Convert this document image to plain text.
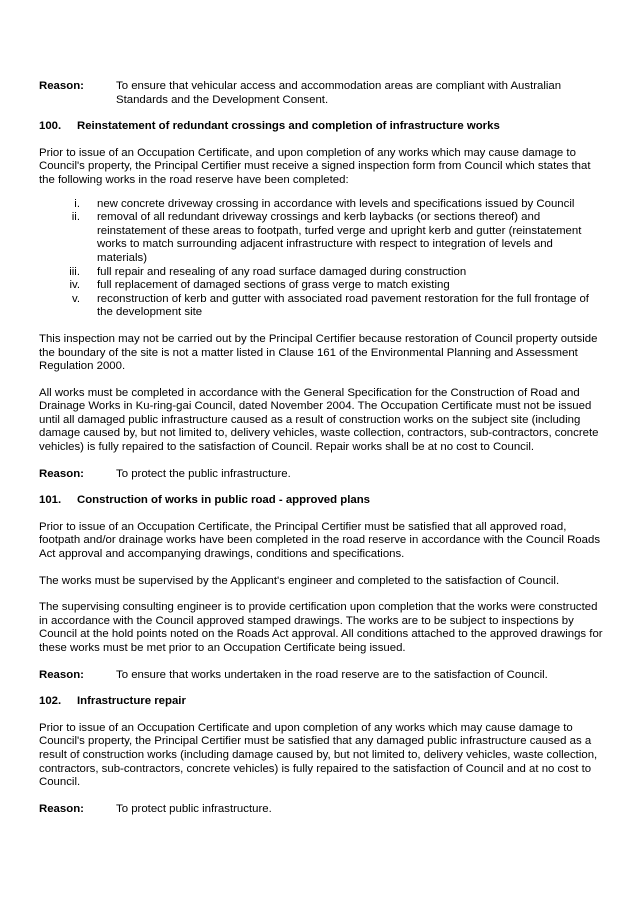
Reason:	To ensure that vehicular access and accommodation areas are compliant with Australian Standards and the Development Consent.
100.	Reinstatement of redundant crossings and completion of infrastructure works

Prior to issue of an Occupation Certificate, and upon completion of any works which may cause damage to Council's property, the Principal Certifier must receive a signed inspection form from Council which states that the following works in the road reserve have been completed:

i.	new concrete driveway crossing in accordance with levels and specifications issued by Council
ii.	removal of all redundant driveway crossings and kerb laybacks (or sections thereof) and reinstatement of these areas to footpath, turfed verge and upright kerb and gutter (reinstatement works to match surrounding adjacent infrastructure with respect to integration of levels and materials)
iii.	full repair and resealing of any road surface damaged during construction
iv.	full replacement of damaged sections of grass verge to match existing
v.	reconstruction of kerb and gutter with associated road pavement restoration for the full frontage of the development site

This inspection may not be carried out by the Principal Certifier because restoration of Council property outside the boundary of the site is not a matter listed in Clause 161 of the Environmental Planning and Assessment Regulation 2000.

All works must be completed in accordance with the General Specification for the Construction of Road and Drainage Works in Ku-ring-gai Council, dated November 2004. The Occupation Certificate must not be issued until all damaged public infrastructure caused as a result of construction works on the subject site (including damage caused by, but not limited to, delivery vehicles, waste collection, contractors, sub-contractors, concrete vehicles) is fully repaired to the satisfaction of Council. Repair works shall be at no cost to Council.

Reason:	To protect the public infrastructure.
101.	Construction of works in public road - approved plans

Prior to issue of an Occupation Certificate, the Principal Certifier must be satisfied that all approved road, footpath and/or drainage works have been completed in the road reserve in accordance with the Council Roads Act approval and accompanying drawings, conditions and specifications.

The works must be supervised by the Applicant's engineer and completed to the satisfaction of Council.

The supervising consulting engineer is to provide certification upon completion that the works were constructed in accordance with the Council approved stamped drawings. The works are to be subject to inspections by Council at the hold points noted on the Roads Act approval. All conditions attached to the approved drawings for these works must be met prior to an Occupation Certificate being issued.

Reason:	To ensure that works undertaken in the road reserve are to the satisfaction of Council.
102.	Infrastructure repair

Prior to issue of an Occupation Certificate and upon completion of any works which may cause damage to Council's property, the Principal Certifier must be satisfied that any damaged public infrastructure caused as a result of construction works (including damage caused by, but not limited to, delivery vehicles, waste collection, contractors, sub-contractors, concrete vehicles) is fully repaired to the satisfaction of Council and at no cost to Council.

Reason:	To protect public infrastructure.
